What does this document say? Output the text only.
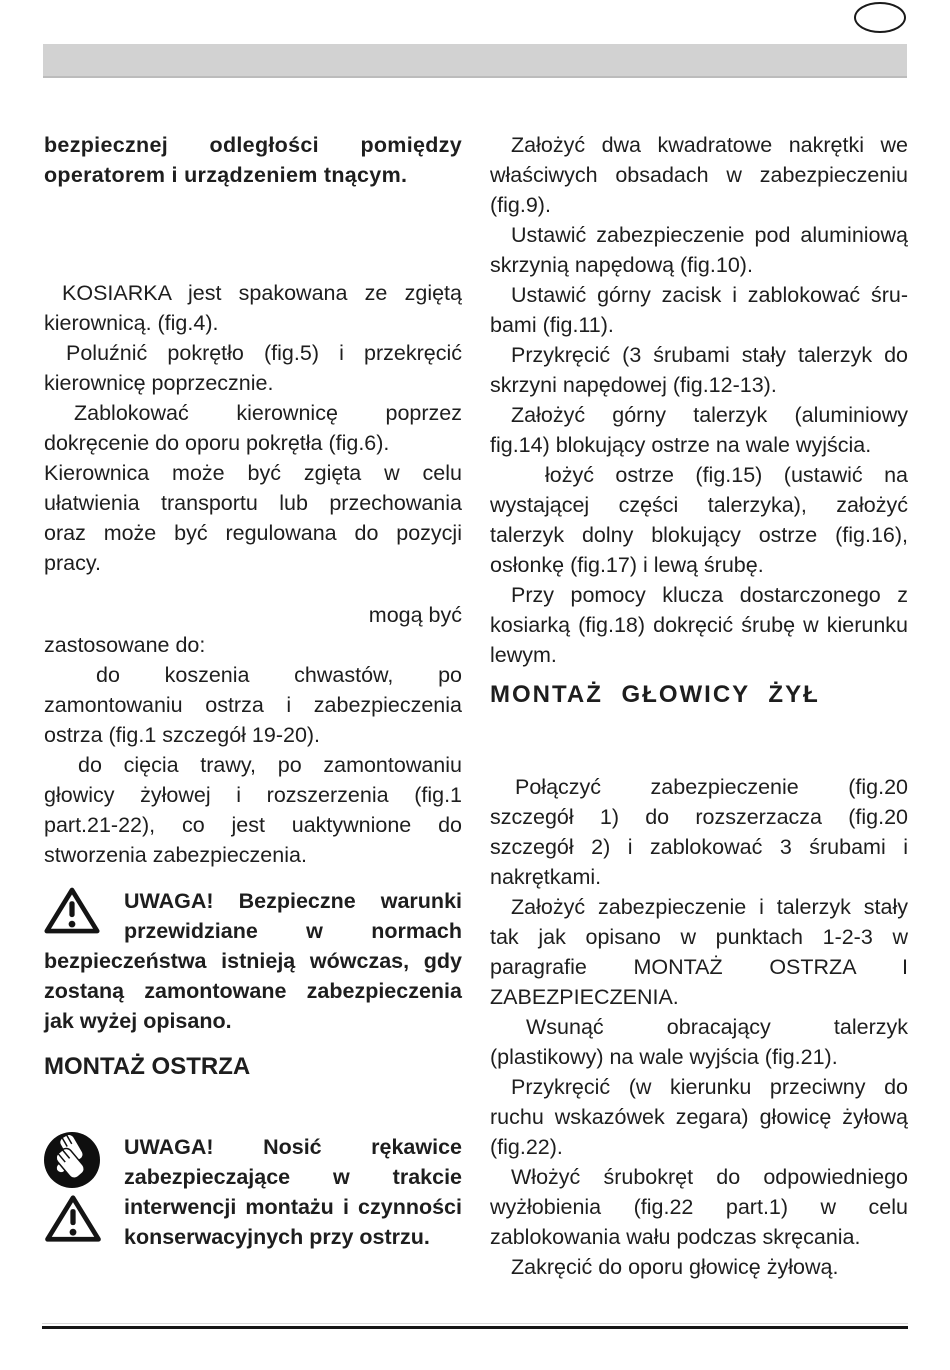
bezpiecznej odległości pomiędzy operatorem i urządzeniem tnącym.

KOSIARKA jest spakowana ze zgiętą kierownicą. (fig.4).

Poluźnić pokrętło (fig.5) i przekręcić kierownicę poprzecznie.

Zablokować kierownicę poprzez dokręcenie do oporu pokrętła (fig.6).

Kierownica może być zgięta w celu ułatwienia transportu lub przechowania oraz może być regulowana do pozycji pracy.

mogą być

zastosowane do:

do koszenia chwastów, po zamontowaniu ostrza i zabezpieczenia ostrza (fig.1 szczegół 19-20).

do cięcia trawy, po zamontowaniu głowicy żyłowej i rozszerzenia (fig.1 part.21-22), co jest uaktywnione do stworzenia zabezpieczenia.

UWAGA! Bezpieczne warunki przewidziane w normach bezpieczeństwa istnieją wówczas, gdy zostaną zamontowane zabezpieczenia jak wyżej opisano.

MONTAŻ OSTRZA

UWAGA! Nosić rękawice zabezpieczające w trakcie interwencji montażu i czynności konserwacyjnych przy ostrzu.

Założyć dwa kwadratowe nakrętki we właściwych obsadach w zabezpieczeniu (fig.9).

Ustawić zabezpieczenie pod aluminiową skrzynią napędową (fig.10).

Ustawić górny zacisk i zablokować śru-bami (fig.11).

Przykręcić (3 śrubami stały talerzyk do skrzyni napędowej (fig.12-13).

Założyć górny talerzyk (aluminiowy fig.14) blokujący ostrze na wale wyjścia.

łożyć ostrze (fig.15) (ustawić na wystającej części talerzyka), założyć talerzyk dolny blokujący ostrze (fig.16), osłonkę (fig.17) i lewą śrubę.

Przy pomocy klucza dostarczonego z kosiarką (fig.18) dokręcić śrubę w kierunku lewym.

MONTAŻ GŁOWICY ŻYŁ

Połączyć zabezpieczenie (fig.20 szczegół 1) do rozszerzacza (fig.20 szczegół 2) i zablokować 3 śrubami i nakrętkami.

Założyć zabezpieczenie i talerzyk stały tak jak opisano w punktach 1-2-3 w paragrafie MONTAŻ OSTRZA I ZABEZPIECZENIA.

Wsunąć obracający talerzyk (plastikowy) na wale wyjścia (fig.21).

Przykręcić (w kierunku przeciwny do ruchu wskazówek zegara) głowicę żyłową (fig.22).

Włożyć śrubokręt do odpowiedniego wyżłobienia (fig.22 part.1) w celu zablokowania wału podczas skręcania.

Zakręcić do oporu głowicę żyłową.
